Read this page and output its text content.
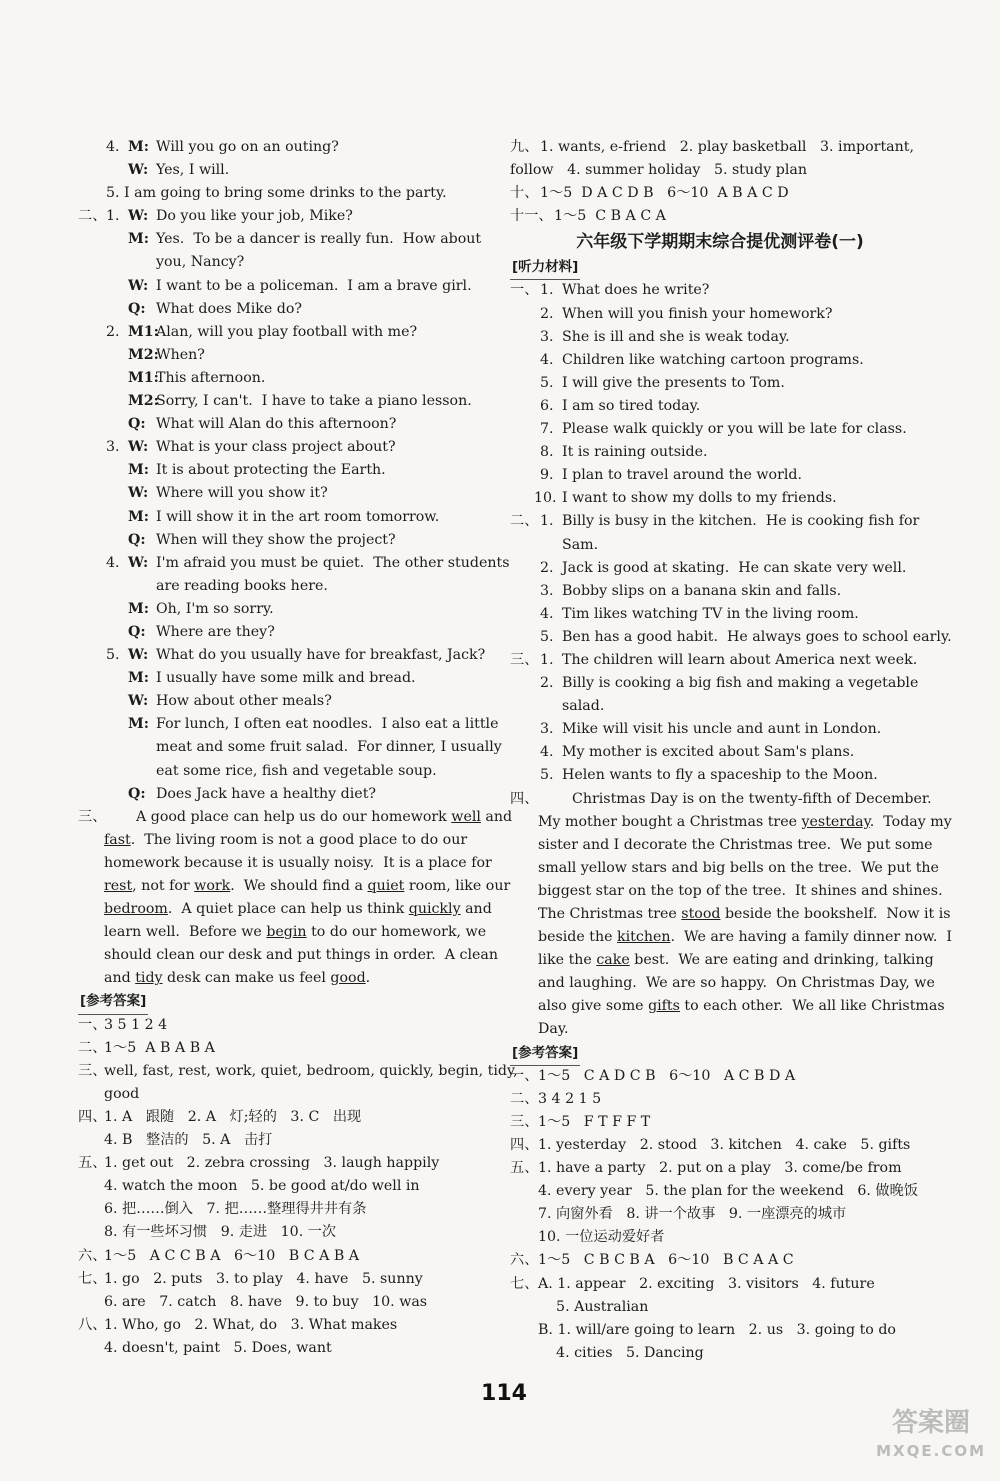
4. M: Will you go on an outing?
W: Yes, I will.
5. I am going to bring some drinks to the party.
二、 1. W: Do you like your job, Mike?
M: Yes.  To be a dancer is really fun.  How about
you, Nancy?
W: I want to be a policeman.  I am a brave girl.
Q: What does Mike do?
2. M1:
Alan, will you play football with me?
M2:
When?
M1:
This afternoon.
M2:
Sorry, I can't.  I have to take a piano lesson.
Q: What will Alan do this afternoon?
3. W: What is your class project about?
M: It is about protecting the Earth.
W: Where will you show it?
M: I will show it in the art room tomorrow.
Q: When will they show the project?
4. W: I'm afraid you must be quiet.  The other students
are reading books here.
M: Oh, I'm so sorry.
Q: Where are they?
5. W: What do you usually have for breakfast, Jack?
M: I usually have some milk and bread.
W: How about other meals?
M: For lunch, I often eat noodles.  I also eat a little
meat and some fruit salad.  For dinner, I usually
eat some rice, fish and vegetable soup.
Q: Does Jack have a healthy diet?
三、 A good place can help us do our homework well and
fast.  The living room is not a good place to do our
homework because it is usually noisy.  It is a place for
rest, not for work.  We should find a quiet room, like our
bedroom.  A quiet place can help us think quickly and
learn well.  Before we begin to do our homework, we
should clean our desk and put things in order.  A clean
and tidy desk can make us feel good.
[参考答案]
一、
3 5 1 2 4
二、
1～5  A B A B A
三、
well, fast, rest, work, quiet, bedroom, quickly, begin, tidy,
good
四、
1. A   跟随   2. A   灯;轻的   3. C   出现
4. B   整洁的   5. A   击打
五、
1. get out   2. zebra crossing   3. laugh happily
4. watch the moon   5. be good at/do well in
6. 把……倒入   7. 把……整理得井井有条
8. 有一些坏习惯   9. 走进   10. 一次
六、
1～5   A C C B A   6～10   B C A B A
七、
1. go   2. puts   3. to play   4. have   5. sunny
6. are   7. catch   8. have   9. to buy   10. was
八、
1. Who, go   2. What, do   3. What makes
4. doesn't, paint   5. Does, want
九、 1. wants, e-friend   2. play basketball   3. important,
follow   4. summer holiday   5. study plan
十、 1～5  D A C D B   6～10  A B A C D
十一、 1～5  C B A C A
六年级下学期期末综合提优测评卷(一)
[听力材料]
一、 1. What does he write?
2. When will you finish your homework?
3. She is ill and she is weak today.
4. Children like watching cartoon programs.
5. I will give the presents to Tom.
6. I am so tired today.
7. Please walk quickly or you will be late for class.
8. It is raining outside.
9. I plan to travel around the world.
10. I want to show my dolls to my friends.
二、 1. Billy is busy in the kitchen.  He is cooking fish for
Sam.
2. Jack is good at skating.  He can skate very well.
3. Bobby slips on a banana skin and falls.
4. Tim likes watching TV in the living room.
5. Ben has a good habit.  He always goes to school early.
三、 1. The children will learn about America next week.
2. Billy is cooking a big fish and making a vegetable
salad.
3. Mike will visit his uncle and aunt in London.
4. My mother is excited about Sam's plans.
5. Helen wants to fly a spaceship to the Moon.
四、 Christmas Day is on the twenty-fifth of December.
My mother bought a Christmas tree yesterday.  Today my
sister and I decorate the Christmas tree.  We put some
small yellow stars and big bells on the tree.  We put the
biggest star on the top of the tree.  It shines and shines.
The Christmas tree stood beside the bookshelf.  Now it is
beside the kitchen.  We are having a family dinner now.  I
like the cake best.  We are eating and drinking, talking
and laughing.  We are so happy.  On Christmas Day, we
also give some gifts to each other.  We all like Christmas
Day.
[参考答案]
一、 1～5   C A D C B   6～10   A C B D A
二、 3 4 2 1 5
三、 1～5   F T F F T
四、 1. yesterday   2. stood   3. kitchen   4. cake   5. gifts
五、 1. have a party   2. put on a play   3. come/be from
4. every year   5. the plan for the weekend   6. 做晚饭
7. 向窗外看   8. 讲一个故事   9. 一座漂亮的城市
10. 一位运动爱好者
六、 1～5   C B C B A   6～10   B C A A C
七、 A. 1. appear   2. exciting   3. visitors   4. future
5. Australian
B. 1. will/are going to learn   2. us   3. going to do
4. cities   5. Dancing
114
答案圈
MXQE.COM
